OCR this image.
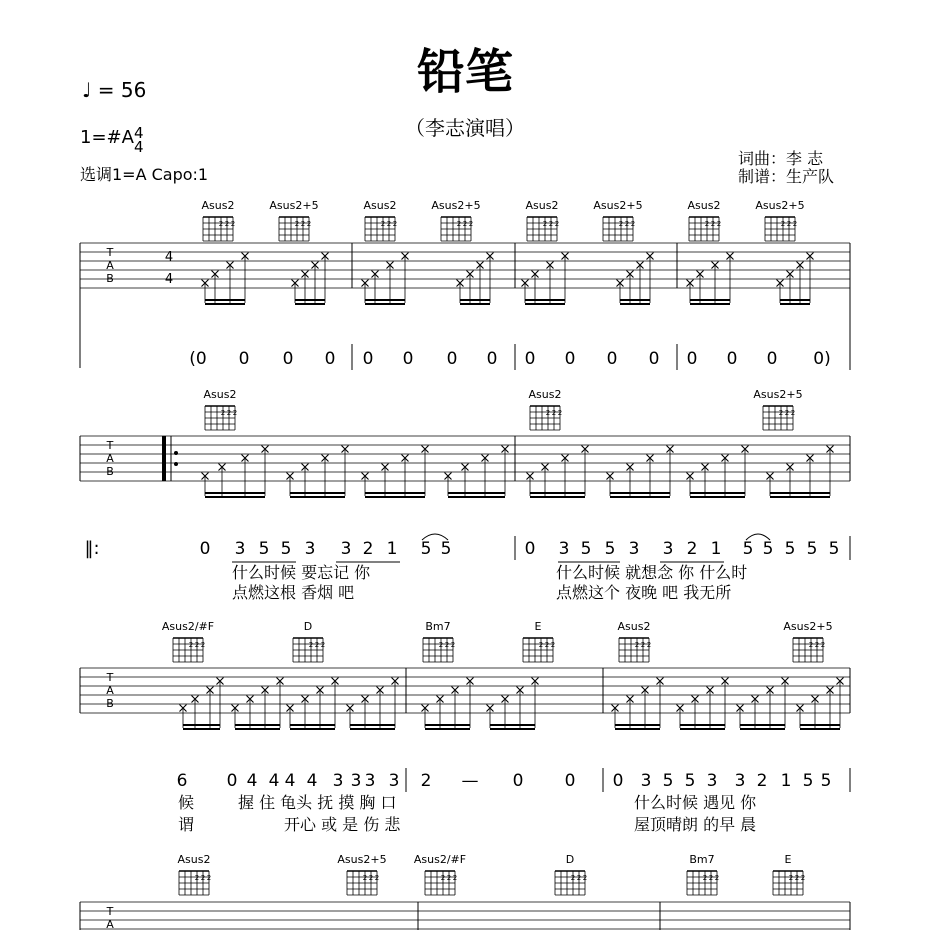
T
A
B
4
4
Asus2
2 2 2
Asus2+5
2 2 2
Asus2
2 2 2
Asus2+5
2 2 2
Asus2
2 2 2
Asus2+5
2 2 2
Asus2
2 2 2
Asus2+5
2 2 2
(0 0 0 0 0 0 0 0 0 0 0 0 0 0 0 0)
T
A
B
Asus2
2 2 2
Asus2
2 2 2
Asus2+5
2 2 2
‖:	0 3 5 5 3 3 2 1 5 5	0 3 5 5 3 3 2 1 5 5 5 5 5
什么时候 要忘记 你	什么时候 就想念 你 什么时
点燃这根 香烟 吧	点燃这个 夜晚 吧 我无所
T
A
B
Asus2/#F
2 2 2
D
2 2 2
Bm7
2 2 2
E
2 2 2
Asus2
2 2 2
Asus2+5
2 2 2
6 0 4 4 4 4 3 3 3 3 2 — 0 0 0 3 5 5 3 3 2 1 5 5
候	握 住 龟头 抚 摸 胸 口	什么时候 遇见 你
谓	开心 或 是 伤 悲	屋顶晴朗 的早 晨
T
A
Asus2
2 2 2
Asus2+5
2 2 2
Asus2/#F
2 2 2
D
2 2 2
Bm7
2 2 2
E
2 2 2
铅笔
（李志演唱）
♩ = 56
1=#A 4
4
选调1=A Capo:1
词曲：李 志
制谱：生产队
